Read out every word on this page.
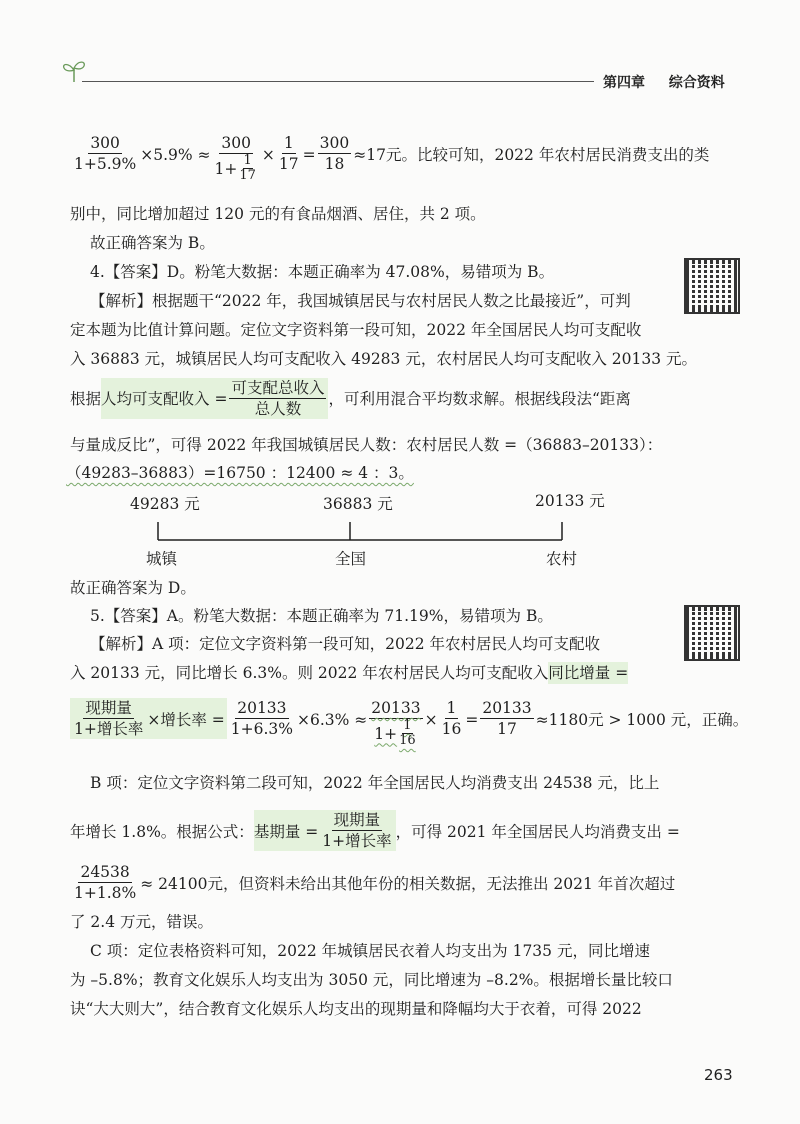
第四章 综合资料
$\frac{300}{1+5.9\%} \times 5.9\% \approx \frac{300}{1+ \frac{1}{17}} \times \frac{1}{17} = \frac{300}{18} \approx 17$元。比较可知，2022 年农村居民消费支出的类
别中，同比增加超过 120 元的有食品烟酒、居住，共 2 项。
故正确答案为 B。
4.【答案】D。粉笔大数据：本题正确率为 47.08%，易错项为 B。
【解析】根据题干“2022 年，我国城镇居民与农村居民人数之比最接近”，可判
定本题为比值计算问题。定位文字资料第一段可知，2022 年全国居民人均可支配收
入 36883 元，城镇居民人均可支配收入 49283 元，农村居民人均可支配收入 20133 元。
根据 人均可支配收入 = $\frac{\text{可支配总收入}}{\text{总人数}}$ ，可利用混合平均数求解。根据线段法“距离
与量成反比”，可得 2022 年我国城镇居民人数：农村居民人数 =（36883–20133）：
（49283–36883）=16750 ：12400 ≈ 4 ：3。
49283 元	36883 元	20133 元
城镇	全国	农村
故正确答案为 D。
5.【答案】A。粉笔大数据：本题正确率为 71.19%，易错项为 B。
【解析】A 项：定位文字资料第一段可知，2022 年农村居民人均可支配收
入 20133 元，同比增长 6.3%。则 2022 年农村居民人均可支配收入 同比增量 =
$\frac{\text{现期量}}{\text{1+增长率}}$ ×增长率 = $\frac{20133}{1+6.3\%} \times 6.3\% \approx \frac{20133}{1+ \frac{1}{16}} \times \frac{1}{16} = \frac{20133}{17} \approx 1180$元 > 1000 元，正确。
B 项：定位文字资料第二段可知，2022 年全国居民人均消费支出 24538 元，比上
年增长 1.8%。根据公式： 基期量 = $\frac{\text{现期量}}{\text{1+增长率}}$ ，可得 2021 年全国居民人均消费支出 =
$\frac{24538}{1+1.8\%} \approx 24100$元，但资料未给出其他年份的相关数据，无法推出 2021 年首次超过
了 2.4 万元，错误。
C 项：定位表格资料可知，2022 年城镇居民衣着人均支出为 1735 元，同比增速
为 –5.8%；教育文化娱乐人均支出为 3050 元，同比增速为 –8.2%。根据增长量比较口
诀“大大则大”，结合教育文化娱乐人均支出的现期量和降幅均大于衣着，可得 2022
263
